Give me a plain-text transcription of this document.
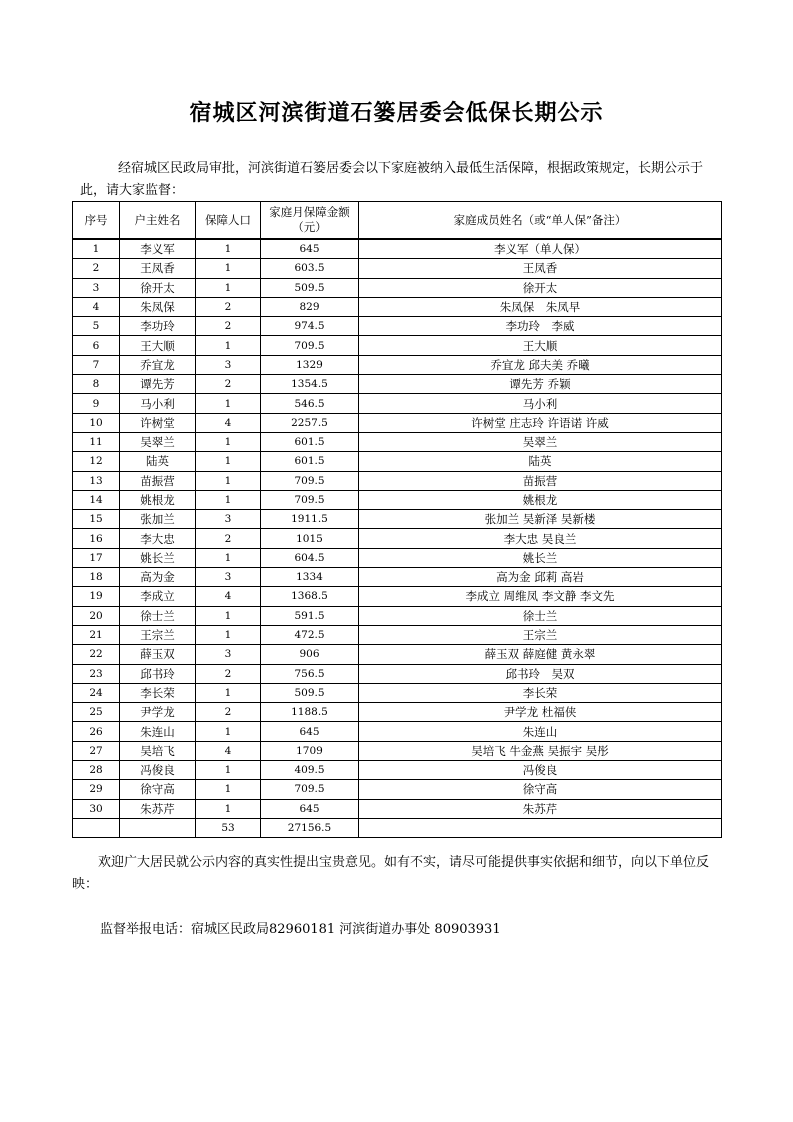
宿城区河滨街道石篓居委会低保长期公示

经宿城区民政局审批，河滨街道石篓居委会以下家庭被纳入最低生活保障，根据政策规定，长期公示于此，请大家监督：

序号	户主姓名	保障人口	家庭月保障金额（元）	家庭成员姓名（或“单人保”备注）
1	李义军	1	645	李义军（单人保）
2	王凤香	1	603.5	王凤香
3	徐开太	1	509.5	徐开太
4	朱凤保	2	829	朱凤保　朱凤早
5	李功玲	2	974.5	李功玲　李威
6	王大顺	1	709.5	王大顺
7	乔宜龙	3	1329	乔宜龙 邱夫美 乔曦
8	谭先芳	2	1354.5	谭先芳 乔颖
9	马小利	1	546.5	马小利
10	许树堂	4	2257.5	许树堂 庄志玲 许语诺 许威
11	吴翠兰	1	601.5	吴翠兰
12	陆英	1	601.5	陆英
13	苗振营	1	709.5	苗振营
14	姚根龙	1	709.5	姚根龙
15	张加兰	3	1911.5	张加兰 吴新泽 吴新楼
16	李大忠	2	1015	李大忠 吴良兰
17	姚长兰	1	604.5	姚长兰
18	高为金	3	1334	高为金 邱莉 高岩
19	李成立	4	1368.5	李成立 周维凤 李文静 李文先
20	徐士兰	1	591.5	徐士兰
21	王宗兰	1	472.5	王宗兰
22	薛玉双	3	906	薛玉双 薛庭健 黄永翠
23	邱书玲	2	756.5	邱书玲　吴双
24	李长荣	1	509.5	李长荣
25	尹学龙	2	1188.5	尹学龙 杜福侠
26	朱连山	1	645	朱连山
27	吴培飞	4	1709	吴培飞 牛金燕 吴振宇 吴彤
28	冯俊良	1	409.5	冯俊良
29	徐守高	1	709.5	徐守高
30	朱苏芹	1	645	朱苏芹
		53	27156.5	

欢迎广大居民就公示内容的真实性提出宝贵意见。如有不实，请尽可能提供事实依据和细节，向以下单位反映：

监督举报电话：宿城区民政局82960181 河滨街道办事处 80903931
